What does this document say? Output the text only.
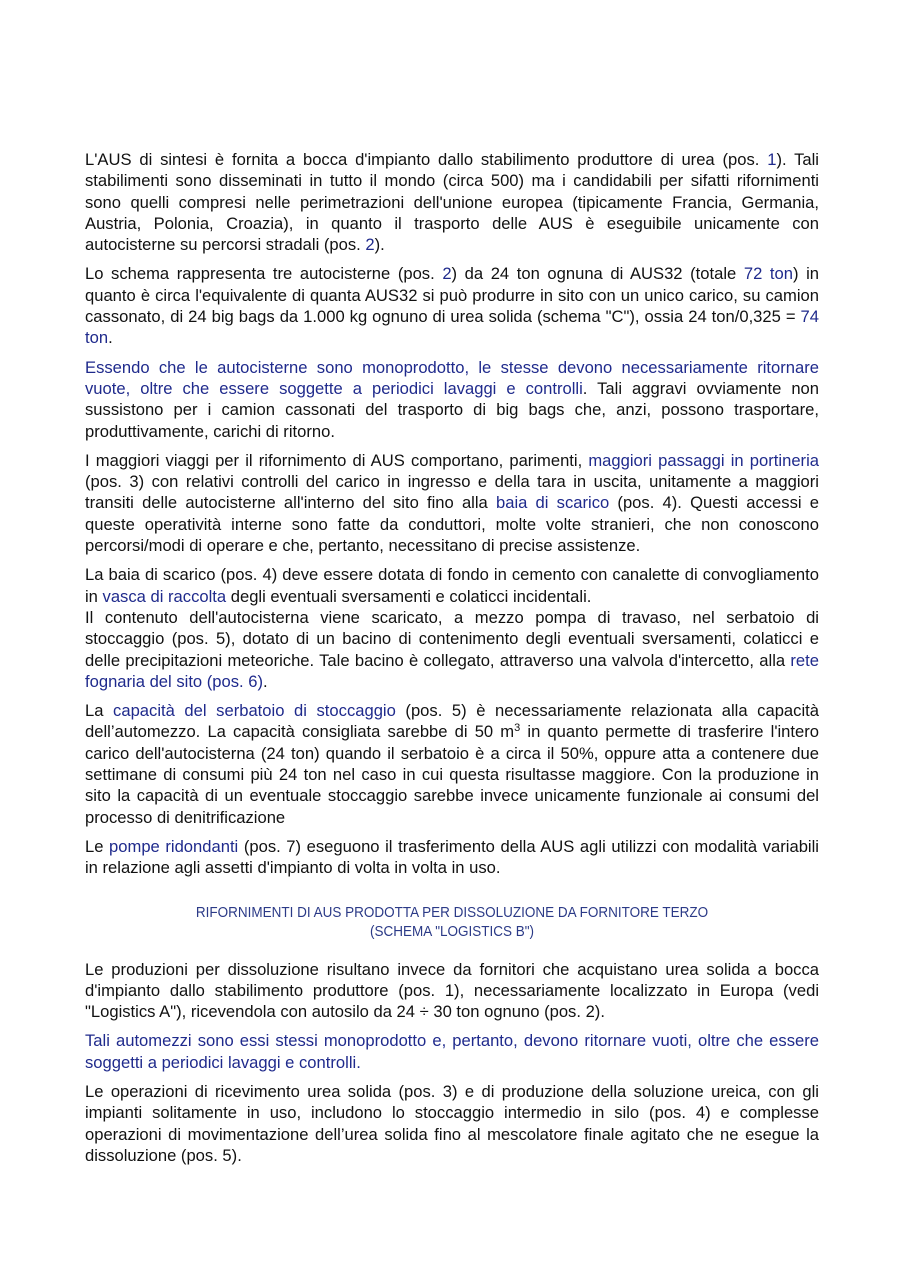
L'AUS di sintesi è fornita a bocca d'impianto dallo stabilimento produttore di urea (pos. 1). Tali stabilimenti sono disseminati in tutto il mondo (circa 500) ma i candidabili per sifatti rifornimenti sono quelli compresi nelle perimetrazioni dell'unione europea (tipicamente Francia, Germania, Austria, Polonia, Croazia), in quanto il trasporto delle AUS è eseguibile unicamente con autocisterne su percorsi stradali (pos. 2).

Lo schema rappresenta tre autocisterne (pos. 2) da 24 ton ognuna di AUS32 (totale 72 ton) in quanto è circa l'equivalente di quanta AUS32 si può produrre in sito con un unico carico, su camion cassonato, di 24 big bags da 1.000 kg ognuno di urea solida (schema "C"), ossia 24 ton/0,325 = 74 ton.

Essendo che le autocisterne sono monoprodotto, le stesse devono necessariamente ritornare vuote, oltre che essere soggette a periodici lavaggi e controlli. Tali aggravi ovviamente non sussistono per i camion cassonati del trasporto di big bags che, anzi, possono trasportare, produttivamente, carichi di ritorno.

I maggiori viaggi per il rifornimento di AUS comportano, parimenti, maggiori passaggi in portineria (pos. 3) con relativi controlli del carico in ingresso e della tara in uscita, unitamente a maggiori transiti delle autocisterne all'interno del sito fino alla baia di scarico (pos. 4). Questi accessi e queste operatività interne sono fatte da conduttori, molte volte stranieri, che non conoscono percorsi/modi di operare e che, pertanto, necessitano di precise assistenze.

La baia di scarico (pos. 4) deve essere dotata di fondo in cemento con canalette di convogliamento in vasca di raccolta degli eventuali sversamenti e colaticci incidentali.

Il contenuto dell'autocisterna viene scaricato, a mezzo pompa di travaso, nel serbatoio di stoccaggio (pos. 5), dotato di un bacino di contenimento degli eventuali sversamenti, colaticci e delle precipitazioni meteoriche. Tale bacino è collegato, attraverso una valvola d'intercetto, alla rete fognaria del sito (pos. 6).

La capacità del serbatoio di stoccaggio (pos. 5) è necessariamente relazionata alla capacità dell’automezzo. La capacità consigliata sarebbe di 50 $m^3$ in quanto permette di trasferire l'intero carico dell'autocisterna (24 ton) quando il serbatoio è a circa il 50%, oppure atta a contenere due settimane di consumi più 24 ton nel caso in cui questa risultasse maggiore. Con la produzione in sito la capacità di un eventuale stoccaggio sarebbe invece unicamente funzionale ai consumi del processo di denitrificazione

Le pompe ridondanti (pos. 7) eseguono il trasferimento della AUS agli utilizzi con modalità variabili in relazione agli assetti d'impianto di volta in volta in uso.

RIFORNIMENTI DI AUS PRODOTTA PER DISSOLUZIONE DA FORNITORE TERZO
(SCHEMA "LOGISTICS B")

Le produzioni per dissoluzione risultano invece da fornitori che acquistano urea solida a bocca d'impianto dallo stabilimento produttore (pos. 1), necessariamente localizzato in Europa (vedi "Logistics A"), ricevendola con autosilo da 24 ÷ 30 ton ognuno (pos. 2).

Tali automezzi sono essi stessi monoprodotto e, pertanto, devono ritornare vuoti, oltre che essere soggetti a periodici lavaggi e controlli.

Le operazioni di ricevimento urea solida (pos. 3) e di produzione della soluzione ureica, con gli impianti solitamente in uso, includono lo stoccaggio intermedio in silo (pos. 4) e complesse operazioni di movimentazione dell’urea solida fino al mescolatore finale agitato che ne esegue la dissoluzione (pos. 5).
